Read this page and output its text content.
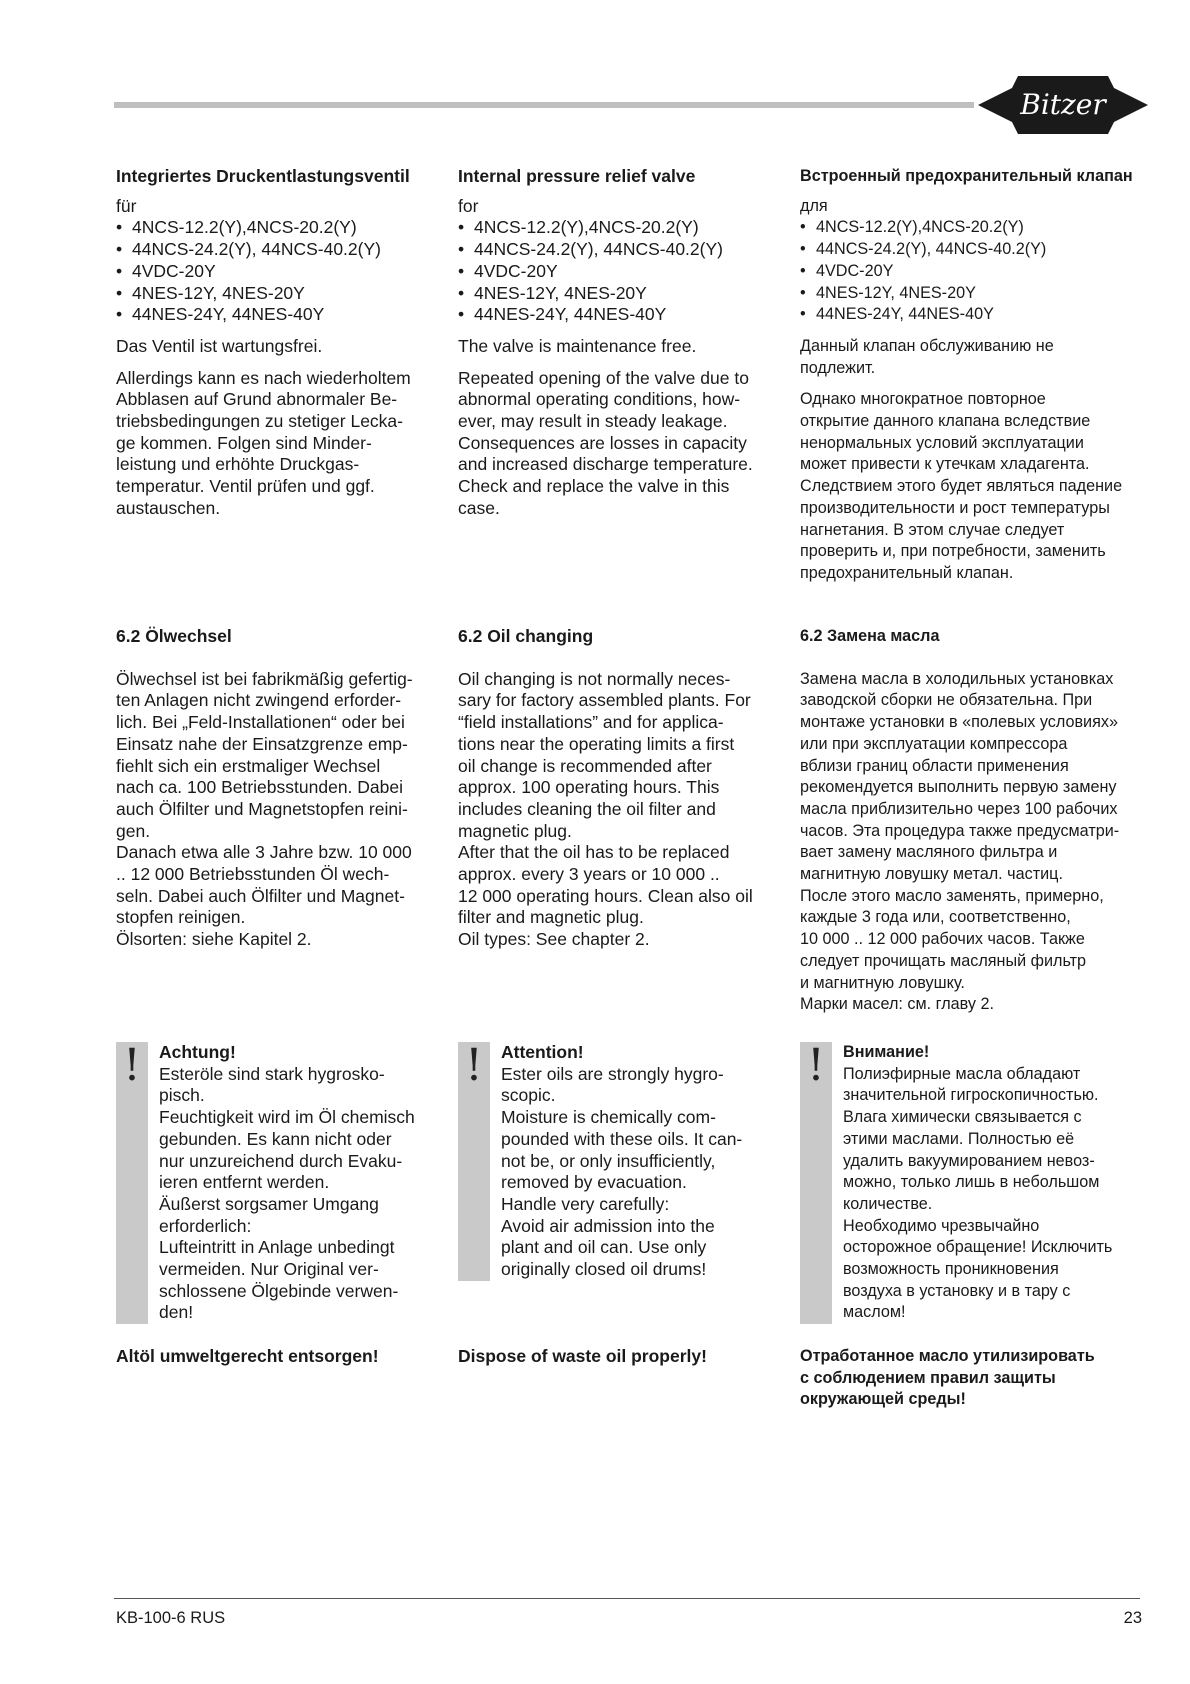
Bitzer
Integriertes Druckentlastungsventil
für
• 4NCS-12.2(Y),4NCS-20.2(Y)
• 44NCS-24.2(Y), 44NCS-40.2(Y)
• 4VDC-20Y
• 4NES-12Y, 4NES-20Y
• 44NES-24Y, 44NES-40Y
Das Ventil ist wartungsfrei.
Allerdings kann es nach wiederholtem
Abblasen auf Grund abnormaler Be-
triebsbedingungen zu stetiger Lecka-
ge kommen. Folgen sind Minder-
leistung und erhöhte Druckgas-
temperatur. Ventil prüfen und ggf.
austauschen.
6.2 Ölwechsel
Ölwechsel ist bei fabrikmäßig gefertig-
ten Anlagen nicht zwingend erforder-
lich. Bei „Feld-Installationen“ oder bei
Einsatz nahe der Einsatzgrenze emp-
fiehlt sich ein erstmaliger Wechsel
nach ca. 100 Betriebsstunden. Dabei
auch Ölfilter und Magnetstopfen reini-
gen.
Danach etwa alle 3 Jahre bzw. 10 000
.. 12 000 Betriebsstunden Öl wech-
seln. Dabei auch Ölfilter und Magnet-
stopfen reinigen.
Ölsorten: siehe Kapitel 2.
!	Achtung!
Esteröle sind stark hygrosko-
pisch.
Feuchtigkeit wird im Öl chemisch
gebunden. Es kann nicht oder
nur unzureichend durch Evaku-
ieren entfernt werden.
Äußerst sorgsamer Umgang
erforderlich:
Lufteintritt in Anlage unbedingt
vermeiden. Nur Original ver-
schlossene Ölgebinde verwen-
den!
Altöl umweltgerecht entsorgen!
Internal pressure relief valve
for
• 4NCS-12.2(Y),4NCS-20.2(Y)
• 44NCS-24.2(Y), 44NCS-40.2(Y)
• 4VDC-20Y
• 4NES-12Y, 4NES-20Y
• 44NES-24Y, 44NES-40Y
The valve is maintenance free.
Repeated opening of the valve due to
abnormal operating conditions, how-
ever, may result in steady leakage.
Consequences are losses in capacity
and increased discharge temperature.
Check and replace the valve in this
case.
6.2 Oil changing
Oil changing is not normally neces-
sary for factory assembled plants. For
“field installations” and for applica-
tions near the operating limits a first
oil change is recommended after
approx. 100 operating hours. This
includes cleaning the oil filter and
magnetic plug.
After that the oil has to be replaced
approx. every 3 years or 10 000 ..
12 000 operating hours. Clean also oil
filter and magnetic plug.
Oil types: See chapter 2.
!	Attention!
Ester oils are strongly hygro-
scopic.
Moisture is chemically com-
pounded with these oils. It can-
not be, or only insufficiently,
removed by evacuation.
Handle very carefully:
Avoid air admission into the
plant and oil can. Use only
originally closed oil drums!
Dispose of waste oil properly!
Встроенный предохранительный клапан
для
• 4NCS-12.2(Y),4NCS-20.2(Y)
• 44NCS-24.2(Y), 44NCS-40.2(Y)
• 4VDC-20Y
• 4NES-12Y, 4NES-20Y
• 44NES-24Y, 44NES-40Y
Данный клапан обслуживанию не
подлежит.
Однако многократное повторное
открытие данного клапана вследствие
ненормальных условий эксплуатации
может привести к утечкам хладагента.
Следствием этого будет являться падение
производительности и рост температуры
нагнетания. В этом случае следует
проверить и, при потребности, заменить
предохранительный клапан.
6.2 Замена масла
Замена масла в холодильных установках
заводской сборки не обязательна. При
монтаже установки в «полевых условиях»
или при эксплуатации компрессора
вблизи границ области применения
рекомендуется выполнить первую замену
масла приблизительно через 100 рабочих
часов. Эта процедура также предусматри-
вает замену масляного фильтра и
магнитную ловушку метал. частиц.
После этого масло заменять, примерно,
каждые 3 года или, соответственно,
10 000 .. 12 000 рабочих часов. Также
следует прочищать масляный фильтр
и магнитную ловушку.
Марки масел: см. главу 2.
!	Внимание!
Полиэфирные масла обладают
значительной гигроскопичностью.
Влага химически связывается с
этими маслами. Полностью её
удалить вакуумированием невоз-
можно, только лишь в небольшом
количестве.
Необходимо чрезвычайно
осторожное обращение! Исключить
возможность проникновения
воздуха в установку и в тару с
маслом!
Отработанное масло утилизировать
с соблюдением правил защиты
окружающей среды!
KB-100-6 RUS	23
